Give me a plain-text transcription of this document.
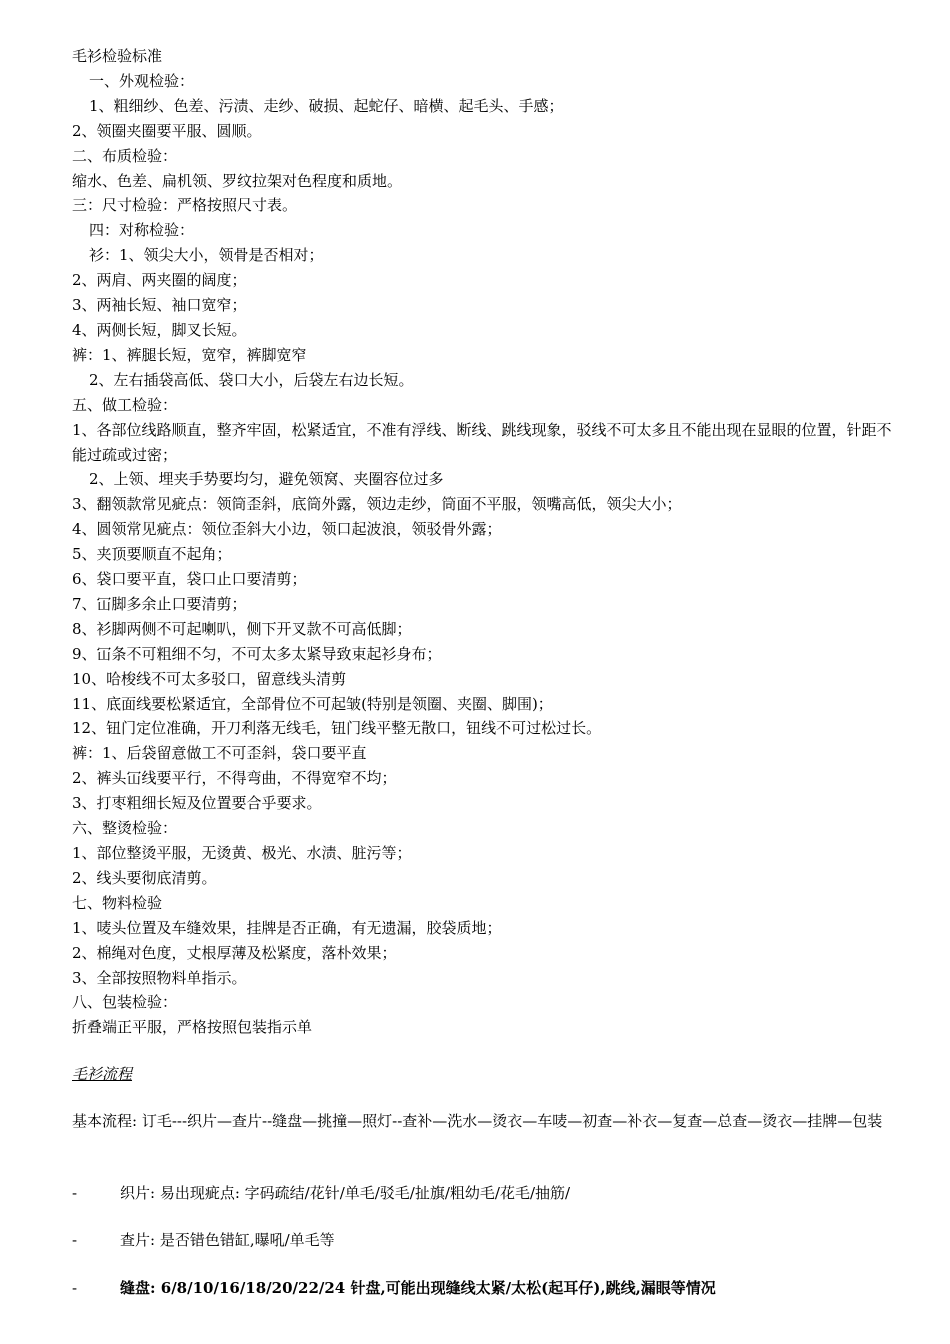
毛衫检验标准
一、外观检验：
1、粗细纱、色差、污渍、走纱、破损、起蛇仔、暗横、起毛头、手感；
2、领圈夹圈要平服、圆顺。
二、布质检验：
缩水、色差、扁机领、罗纹拉架对色程度和质地。
三：尺寸检验：严格按照尺寸表。
四：对称检验：
衫：1、领尖大小，领骨是否相对；
2、两肩、两夹圈的阔度；
3、两袖长短、袖口宽窄；
4、两侧长短，脚叉长短。
裤：1、裤腿长短，宽窄，裤脚宽窄
2、左右插袋高低、袋口大小，后袋左右边长短。
五、做工检验：
1、各部位线路顺直，整齐牢固，松紧适宜，不准有浮线、断线、跳线现象，驳线不可太多且不能出现在显眼的位置，针距不能过疏或过密；
2、上领、埋夹手势要均匀，避免领窝、夹圈容位过多
3、翻领款常见疵点：领筒歪斜，底筒外露，领边走纱，筒面不平服，领嘴高低，领尖大小；
4、圆领常见疵点：领位歪斜大小边，领口起波浪，领驳骨外露；
5、夹顶要顺直不起角；
6、袋口要平直，袋口止口要清剪；
7、冚脚多余止口要清剪；
8、衫脚两侧不可起喇叭，侧下开叉款不可高低脚；
9、冚条不可粗细不匀，不可太多太紧导致束起衫身布；
10、哈梭线不可太多驳口，留意线头清剪
11、底面线要松紧适宜，全部骨位不可起皱(特别是领圈、夹圈、脚围)；
12、钮门定位准确，开刀利落无线毛，钮门线平整无散口，钮线不可过松过长。
裤：1、后袋留意做工不可歪斜，袋口要平直
2、裤头冚线要平行，不得弯曲，不得宽窄不均；
3、打枣粗细长短及位置要合乎要求。
六、整烫检验：
1、部位整烫平服，无烫黄、极光、水渍、脏污等；
2、线头要彻底清剪。
七、物料检验
1、唛头位置及车缝效果，挂牌是否正确，有无遗漏，胶袋质地；
2、棉绳对色度，丈根厚薄及松紧度，落朴效果；
3、全部按照物料单指示。
八、包装检验：
折叠端正平服，严格按照包装指示单
毛衫流程
基本流程: 订毛---织片—查片--缝盘—挑撞—照灯--查补—洗水—烫衣—车唛—初查—补衣—复查—总查—烫衣—挂牌—包装
-	织片: 易出现疵点: 字码疏结/花针/单毛/驳毛/扯旗/粗幼毛/花毛/抽筋/
-	查片: 是否错色错缸,曝吼/单毛等
-	缝盘: 6/8/10/16/18/20/22/24 针盘,可能出现缝线太紧/太松(起耳仔),跳线,漏眼等情况
